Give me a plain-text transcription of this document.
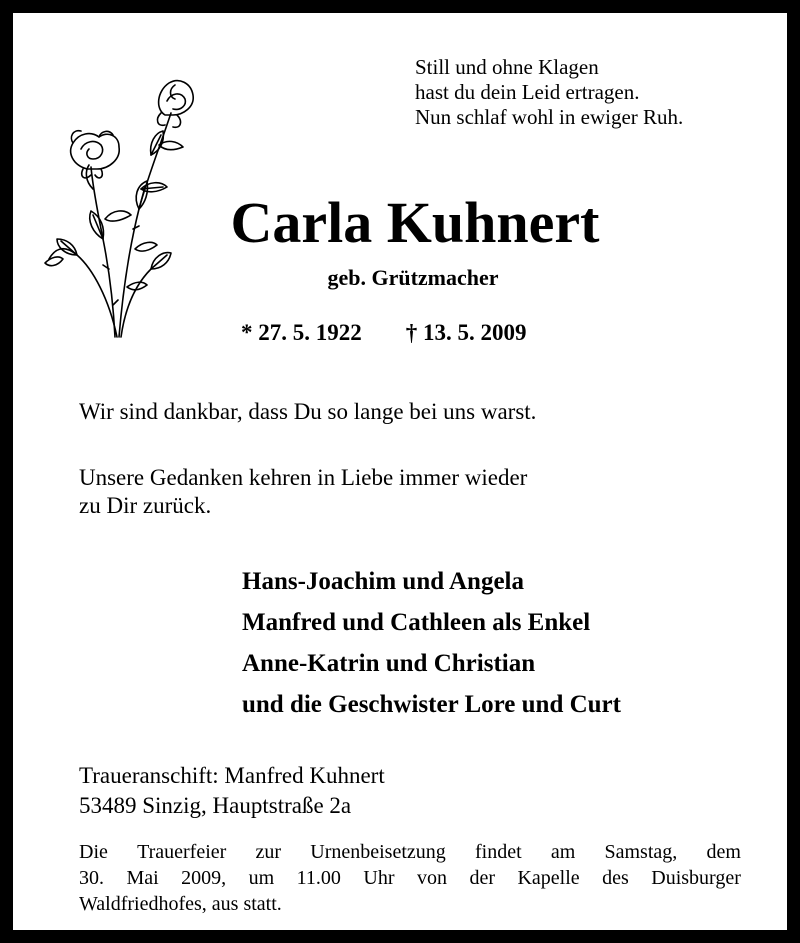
Still und ohne Klagen
hast du dein Leid ertragen.
Nun schlaf wohl in ewiger Ruh.
Carla Kuhnert
geb. Grützmacher
* 27. 5. 1922 † 13. 5. 2009
Wir sind dankbar, dass Du so lange bei uns warst.
Unsere Gedanken kehren in Liebe immer wieder
zu Dir zurück.
Hans-Joachim und Angela
Manfred und Cathleen als Enkel
Anne-Katrin und Christian
und die Geschwister Lore und Curt
Traueranschift: Manfred Kuhnert
53489 Sinzig, Hauptstraße 2a
Die Trauerfeier zur Urnenbeisetzung findet am Samstag, dem
30. Mai 2009, um 11.00 Uhr von der Kapelle des Duisburger
Waldfriedhofes, aus statt.
